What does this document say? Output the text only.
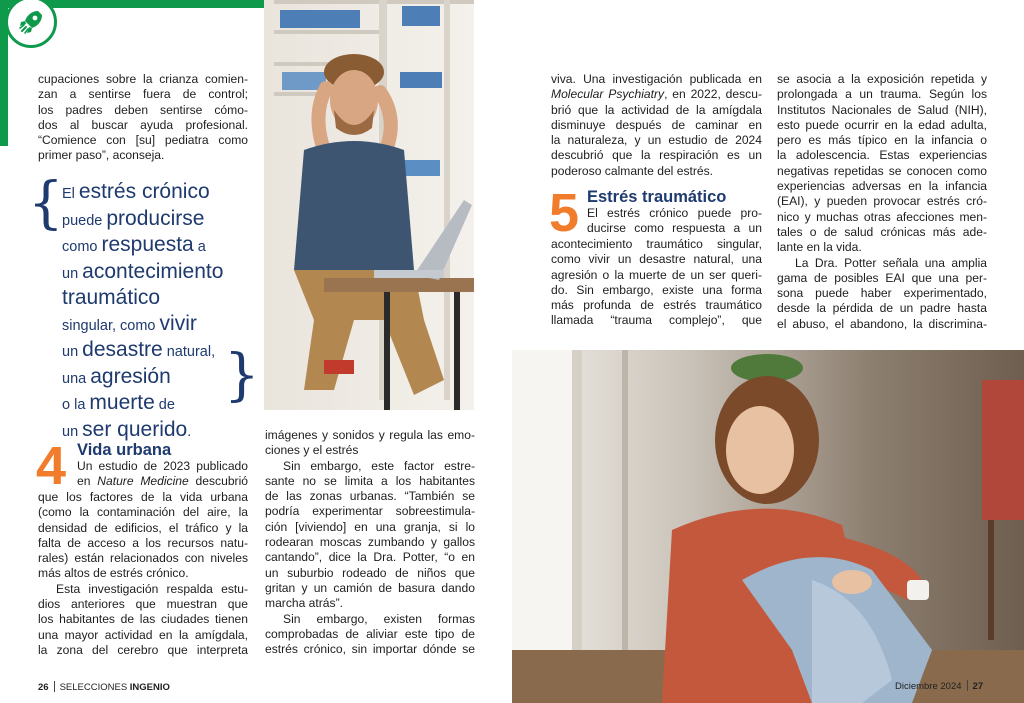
cupaciones sobre la crianza comien-
zan a sentirse fuera de control;
los padres deben sentirse cómo-
dos al buscar ayuda profesional.
“Comience con [su] pediatra como
primer paso”, aconseja.
{
El estrés crónico
puede producirse
como respuesta a
un acontecimiento
traumático
singular, como vivir
un desastre natural,
una agresión
o la muerte de
un ser querido.
}
4 Vida urbana
Un estudio de 2023 publicado
en Nature Medicine descubrió
que los factores de la vida urbana
(como la contaminación del aire, la
densidad de edificios, el tráfico y la
falta de acceso a los recursos natu-
rales) están relacionados con niveles
más altos de estrés crónico.
Esta investigación respalda estu-
dios anteriores que muestran que
los habitantes de las ciudades tienen
una mayor actividad en la amígdala,
la zona del cerebro que interpreta
imágenes y sonidos y regula las emo-
ciones y el estrés
Sin embargo, este factor estre-
sante no se limita a los habitantes
de las zonas urbanas. “También se
podría experimentar sobreestimula-
ción [viviendo] en una granja, si lo
rodearan moscas zumbando y gallos
cantando”, dice la Dra. Potter, “o en
un suburbio rodeado de niños que
gritan y un camión de basura dando
marcha atrás”.
Sin embargo, existen formas
comprobadas de aliviar este tipo de
estrés crónico, sin importar dónde se
26 SELECCIONES INGENIO
viva. Una investigación publicada en
Molecular Psychiatry, en 2022, descu-
brió que la actividad de la amígdala
disminuye después de caminar en
la naturaleza, y un estudio de 2024
descubrió que la respiración es un
poderoso calmante del estrés.
5 Estrés traumático
El estrés crónico puede pro-
ducirse como respuesta a un
acontecimiento traumático singular,
como vivir un desastre natural, una
agresión o la muerte de un ser queri-
do. Sin embargo, existe una forma
más profunda de estrés traumático
llamada “trauma complejo”, que
se asocia a la exposición repetida y
prolongada a un trauma. Según los
Institutos Nacionales de Salud (NIH),
esto puede ocurrir en la edad adulta,
pero es más típico en la infancia o
la adolescencia. Estas experiencias
negativas repetidas se conocen como
experiencias adversas en la infancia
(EAI), y pueden provocar estrés cró-
nico y muchas otras afecciones men-
tales o de salud crónicas más ade-
lante en la vida.
La Dra. Potter señala una amplia
gama de posibles EAI que una per-
sona puede haber experimentado,
desde la pérdida de un padre hasta
el abuso, el abandono, la discrimina-
Diciembre 2024 27
